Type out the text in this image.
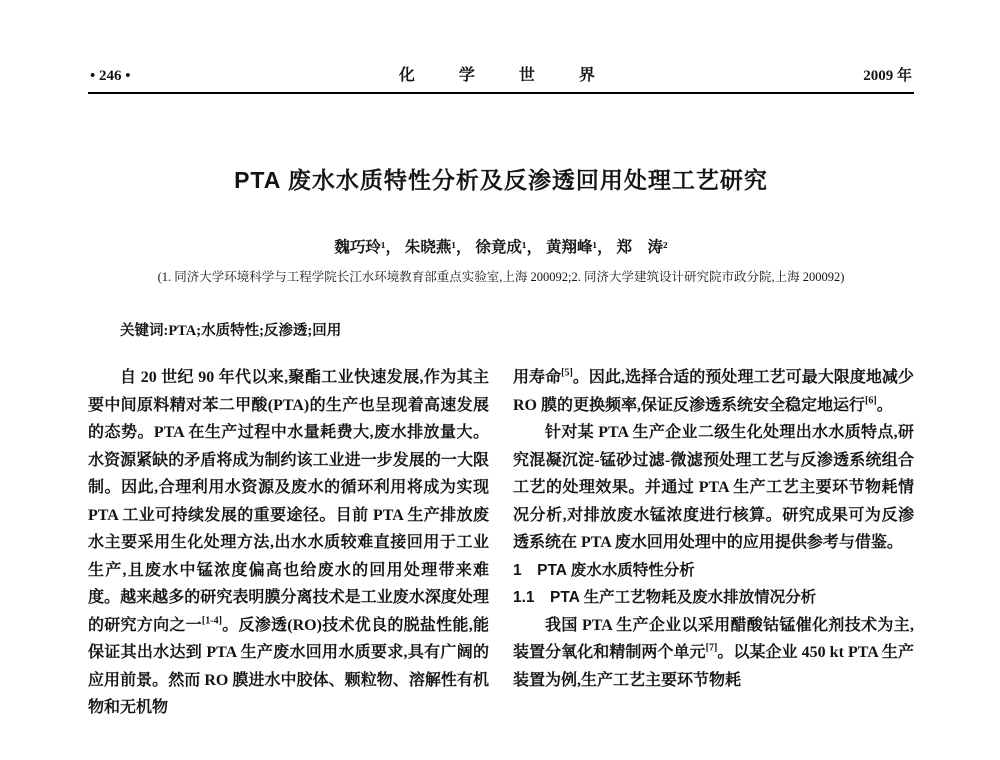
• 246 •	化　学　世　界	2009 年
PTA 废水水质特性分析及反渗透回用处理工艺研究
魏巧玲¹， 朱晓燕¹， 徐竟成¹， 黄翔峰¹， 郑　涛²
(1. 同济大学环境科学与工程学院长江水环境教育部重点实验室,上海 200092;2. 同济大学建筑设计研究院市政分院,上海 200092)
关键词:PTA;水质特性;反渗透;回用

自 20 世纪 90 年代以来,聚酯工业快速发展,作为其主要中间原料精对苯二甲酸(PTA)的生产也呈现着高速发展的态势。PTA 在生产过程中水量耗费大,废水排放量大。水资源紧缺的矛盾将成为制约该工业进一步发展的一大限制。因此,合理利用水资源及废水的循环利用将成为实现 PTA 工业可持续发展的重要途径。目前 PTA 生产排放废水主要采用生化处理方法,出水水质较难直接回用于工业生产,且废水中锰浓度偏高也给废水的回用处理带来难度。越来越多的研究表明膜分离技术是工业废水深度处理的研究方向之一[1-4]。反渗透(RO)技术优良的脱盐性能,能保证其出水达到 PTA 生产废水回用水质要求,具有广阔的应用前景。然而 RO 膜进水中胶体、颗粒物、溶解性有机物和无机物

用寿命[5]。因此,选择合适的预处理工艺可最大限度地减少 RO 膜的更换频率,保证反渗透系统安全稳定地运行[6]。

针对某 PTA 生产企业二级生化处理出水水质特点,研究混凝沉淀-锰砂过滤-微滤预处理工艺与反渗透系统组合工艺的处理效果。并通过 PTA 生产工艺主要环节物耗情况分析,对排放废水锰浓度进行核算。研究成果可为反渗透系统在 PTA 废水回用处理中的应用提供参考与借鉴。

1　PTA 废水水质特性分析
1.1　PTA 生产工艺物耗及废水排放情况分析

我国 PTA 生产企业以采用醋酸钴锰催化剂技术为主,装置分氧化和精制两个单元[7]。以某企业 450 kt PTA 生产装置为例,生产工艺主要环节物耗
